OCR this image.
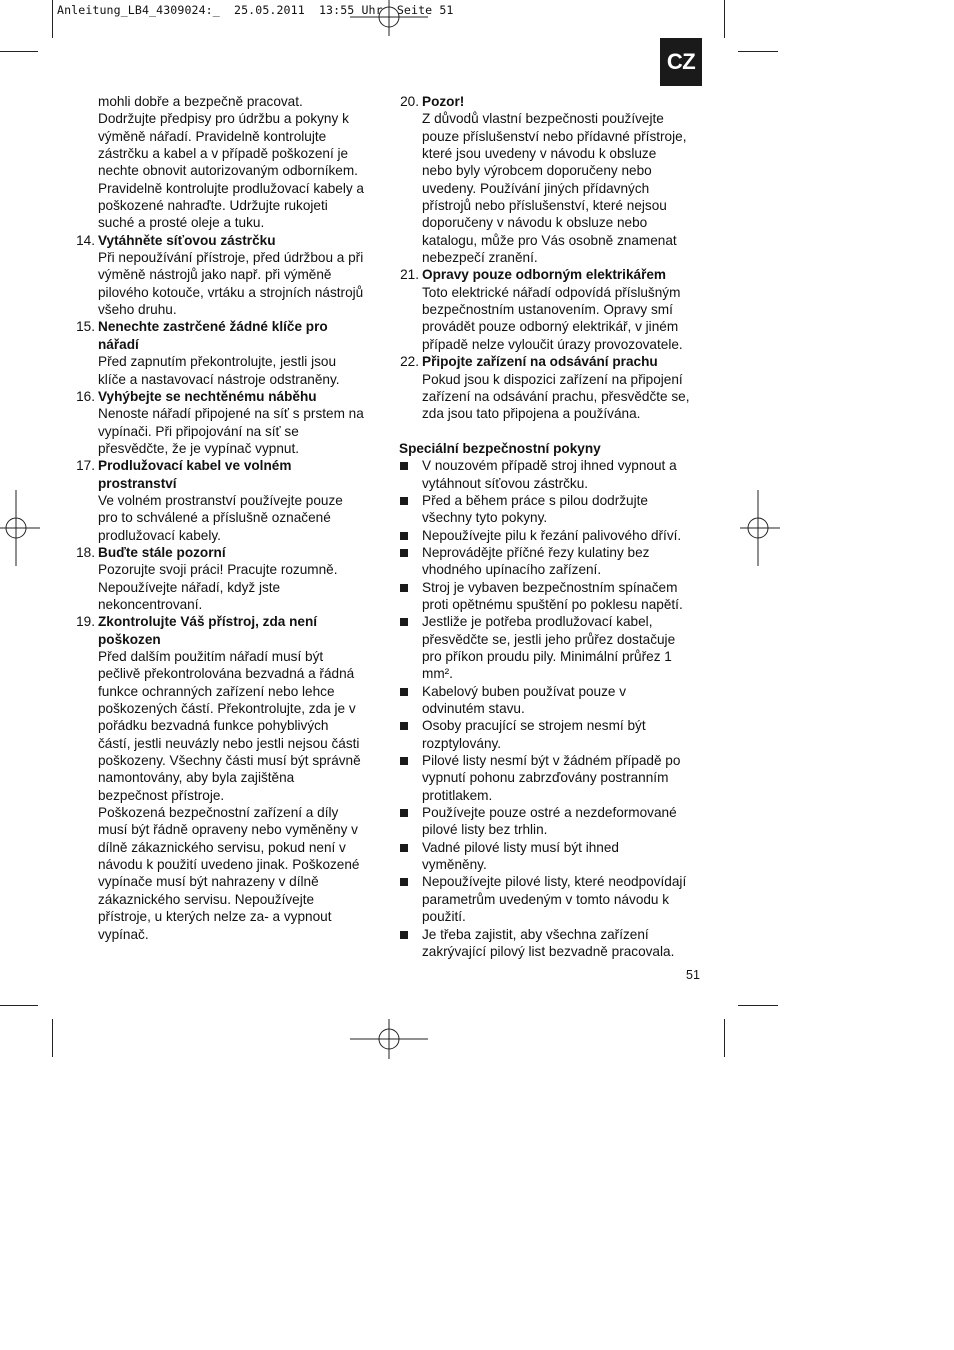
Anleitung_LB4_4309024:_  25.05.2011  13:55 Uhr  Seite 51
CZ
mohli dobře a bezpečně pracovat.
Dodržujte předpisy pro údržbu a pokyny k
výměně nářadí. Pravidelně kontrolujte
zástrčku a kabel a v případě poškození je
nechte obnovit autorizovaným odborníkem.
Pravidelně kontrolujte prodlužovací kabely a
poškozené nahraďte. Udržujte rukojeti
suché a prosté oleje a tuku.
14. Vytáhněte síťovou zástrčku
Při nepoužívání přístroje, před údržbou a při
výměně nástrojů jako např. při výměně
pilového kotouče, vrtáku a strojních nástrojů
všeho druhu.
15. Nenechte zastrčené žádné klíče pro
nářadí
Před zapnutím překontrolujte, jestli jsou
klíče a nastavovací nástroje odstraněny.
16. Vyhýbejte se nechtěnému náběhu
Nenoste nářadí připojené na síť s prstem na
vypínači. Při připojování na síť se
přesvědčte, že je vypínač vypnut.
17. Prodlužovací kabel ve volném
prostranství
Ve volném prostranství používejte pouze
pro to schválené a příslušně označené
prodlužovací kabely.
18. Buďte stále pozorní
Pozorujte svoji práci! Pracujte rozumně.
Nepoužívejte nářadí, když jste
nekoncentrovaní.
19. Zkontrolujte Váš přístroj, zda není
poškozen
Před dalším použitím nářadí musí být
pečlivě překontrolována bezvadná a řádná
funkce ochranných zařízení nebo lehce
poškozených částí. Překontrolujte, zda je v
pořádku bezvadná funkce pohyblivých
částí, jestli neuvázly nebo jestli nejsou části
poškozeny. Všechny části musí být správně
namontovány, aby byla zajištěna
bezpečnost přístroje.
Poškozená bezpečnostní zařízení a díly
musí být řádně opraveny nebo vyměněny v
dílně zákaznického servisu, pokud není v
návodu k použití uvedeno jinak. Poškozené
vypínače musí být nahrazeny v dílně
zákaznického servisu. Nepoužívejte
přístroje, u kterých nelze za- a vypnout
vypínač.
20. Pozor!
Z důvodů vlastní bezpečnosti používejte
pouze příslušenství nebo přídavné přístroje,
které jsou uvedeny v návodu k obsluze
nebo byly výrobcem doporučeny nebo
uvedeny. Používání jiných přídavných
přístrojů nebo příslušenství, které nejsou
doporučeny v návodu k obsluze nebo
katalogu, může pro Vás osobně znamenat
nebezpečí zranění.
21. Opravy pouze odborným elektrikářem
Toto elektrické nářadí odpovídá příslušným
bezpečnostním ustanovením. Opravy smí
provádět pouze odborný elektrikář, v jiném
případě nelze vyloučit úrazy provozovatele.
22. Připojte zařízení na odsávání prachu
Pokud jsou k dispozici zařízení na připojení
zařízení na odsávání prachu, přesvědčte se,
zda jsou tato připojena a používána.
Speciální bezpečnostní pokyny
V nouzovém případě stroj ihned vypnout a
vytáhnout síťovou zástrčku.
Před a během práce s pilou dodržujte
všechny tyto pokyny.
Nepoužívejte pilu k řezání palivového dříví.
Neprovádějte příčné řezy kulatiny bez
vhodného upínacího zařízení.
Stroj je vybaven bezpečnostním spínačem
proti opětnému spuštění po poklesu napětí.
Jestliže je potřeba prodlužovací kabel,
přesvědčte se, jestli jeho průřez dostačuje
pro příkon proudu pily. Minimální průřez 1
mm².
Kabelový buben používat pouze v
odvinutém stavu.
Osoby pracující se strojem nesmí být
rozptylovány.
Pilové listy nesmí být v žádném případě po
vypnutí pohonu zabrzďovány postranním
protitlakem.
Používejte pouze ostré a nezdeformované
pilové listy bez trhlin.
Vadné pilové listy musí být ihned
vyměněny.
Nepoužívejte pilové listy, které neodpovídají
parametrům uvedeným v tomto návodu k
použití.
Je třeba zajistit, aby všechna zařízení
zakrývající pilový list bezvadně pracovala.
51
